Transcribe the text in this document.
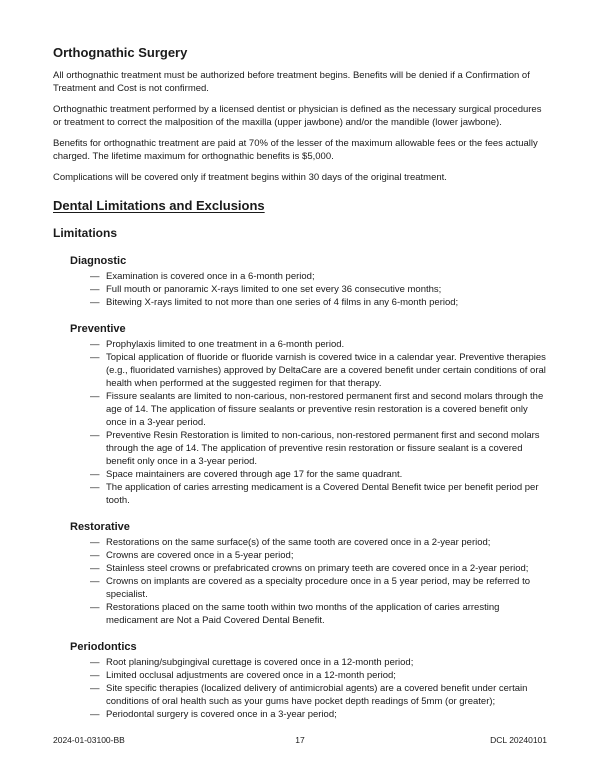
Orthognathic Surgery

All orthognathic treatment must be authorized before treatment begins. Benefits will be denied if a Confirmation of Treatment and Cost is not confirmed.

Orthognathic treatment performed by a licensed dentist or physician is defined as the necessary surgical procedures or treatment to correct the malposition of the maxilla (upper jawbone) and/or the mandible (lower jawbone).

Benefits for orthognathic treatment are paid at 70% of the lesser of the maximum allowable fees or the fees actually charged. The lifetime maximum for orthognathic benefits is $5,000.

Complications will be covered only if treatment begins within 30 days of the original treatment.

Dental Limitations and Exclusions
Limitations
Diagnostic
— Examination is covered once in a 6-month period;
— Full mouth or panoramic X-rays limited to one set every 36 consecutive months;
— Bitewing X-rays limited to not more than one series of 4 films in any 6-month period;
Preventive
— Prophylaxis limited to one treatment in a 6-month period.
— Topical application of fluoride or fluoride varnish is covered twice in a calendar year. Preventive therapies (e.g., fluoridated varnishes) approved by DeltaCare are a covered benefit under certain conditions of oral health when performed at the suggested regimen for that therapy.
— Fissure sealants are limited to non-carious, non-restored permanent first and second molars through the age of 14. The application of fissure sealants or preventive resin restoration is a covered benefit only once in a 3-year period.
— Preventive Resin Restoration is limited to non-carious, non-restored permanent first and second molars through the age of 14. The application of preventive resin restoration or fissure sealant is a covered benefit only once in a 3-year period.
— Space maintainers are covered through age 17 for the same quadrant.
— The application of caries arresting medicament is a Covered Dental Benefit twice per benefit period per tooth.
Restorative
— Restorations on the same surface(s) of the same tooth are covered once in a 2-year period;
— Crowns are covered once in a 5-year period;
— Stainless steel crowns or prefabricated crowns on primary teeth are covered once in a 2-year period;
— Crowns on implants are covered as a specialty procedure once in a 5 year period, may be referred to specialist.
— Restorations placed on the same tooth within two months of the application of caries arresting medicament are Not a Paid Covered Dental Benefit.
Periodontics
— Root planing/subgingival curettage is covered once in a 12-month period;
— Limited occlusal adjustments are covered once in a 12-month period;
— Site specific therapies (localized delivery of antimicrobial agents) are a covered benefit under certain conditions of oral health such as your gums have pocket depth readings of 5mm (or greater);
— Periodontal surgery is covered once in a 3-year period;
2024-01-03100-BB	17	DCL 20240101
